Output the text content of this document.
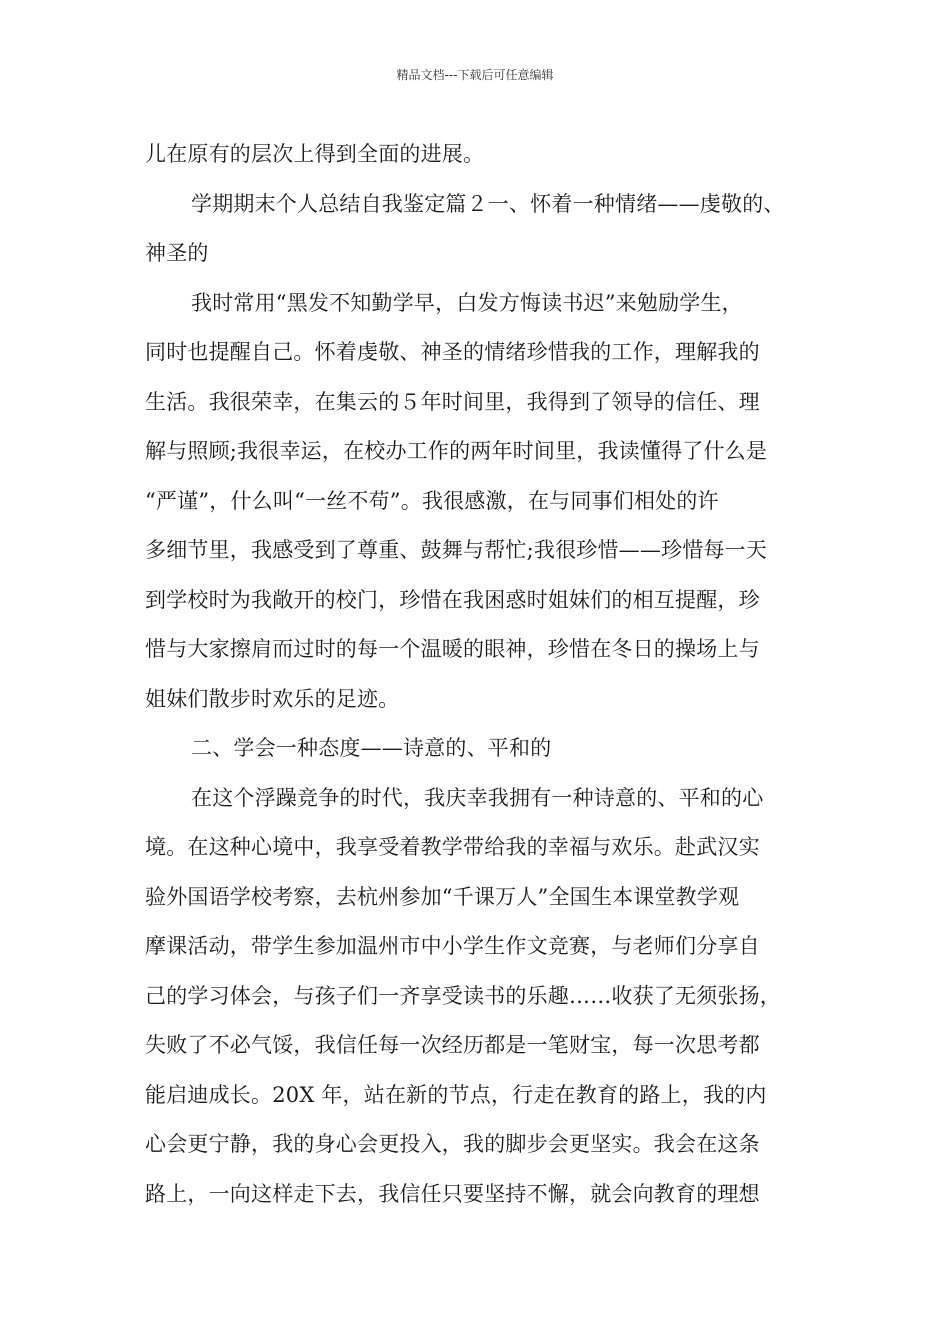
精品文档---下载后可任意编辑
儿在原有的层次上得到全面的进展。
学期期末个人总结自我鉴定篇２一、怀着一种情绪——虔敬的、
神圣的
我时常用“黑发不知勤学早，白发方悔读书迟”来勉励学生，
同时也提醒自己。怀着虔敬、神圣的情绪珍惜我的工作，理解我的
生活。我很荣幸，在集云的５年时间里，我得到了领导的信任、理
解与照顾;我很幸运，在校办工作的两年时间里，我读懂得了什么是
“严谨”，什么叫“一丝不苟”。我很感激，在与同事们相处的许
多细节里，我感受到了尊重、鼓舞与帮忙;我很珍惜——珍惜每一天
到学校时为我敞开的校门，珍惜在我困惑时姐妹们的相互提醒，珍
惜与大家擦肩而过时的每一个温暖的眼神，珍惜在冬日的操场上与
姐妹们散步时欢乐的足迹。
二、学会一种态度——诗意的、平和的
在这个浮躁竞争的时代，我庆幸我拥有一种诗意的、平和的心
境。在这种心境中，我享受着教学带给我的幸福与欢乐。赴武汉实
验外国语学校考察，去杭州参加“千课万人”全国生本课堂教学观
摩课活动，带学生参加温州市中小学生作文竞赛，与老师们分享自
己的学习体会，与孩子们一齐享受读书的乐趣……收获了无须张扬，
失败了不必气馁，我信任每一次经历都是一笔财宝，每一次思考都
能启迪成长。20X 年，站在新的节点，行走在教育的路上，我的内
心会更宁静，我的身心会更投入，我的脚步会更坚实。我会在这条
路上，一向这样走下去，我信任只要坚持不懈，就会向教育的理想
